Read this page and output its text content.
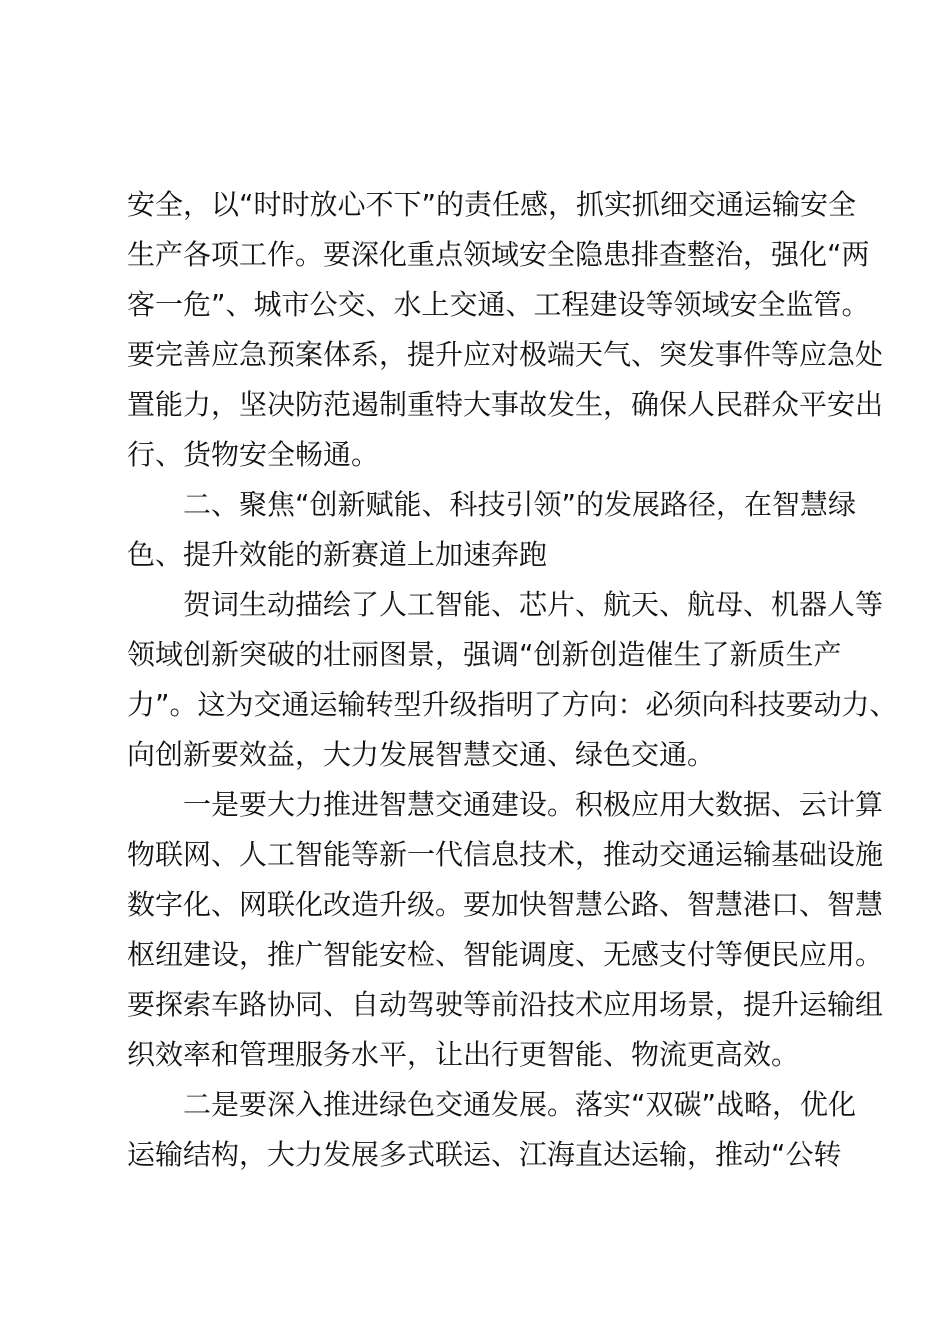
安全，以“时时放心不下”的责任感，抓实抓细交通运输安全
生产各项工作。要深化重点领域安全隐患排查整治，强化“两
客一危”、城市公交、水上交通、工程建设等领域安全监管。
要完善应急预案体系，提升应对极端天气、突发事件等应急处
置能力，坚决防范遏制重特大事故发生，确保人民群众平安出
行、货物安全畅通。
二、聚焦“创新赋能、科技引领”的发展路径，在智慧绿
色、提升效能的新赛道上加速奔跑
贺词生动描绘了人工智能、芯片、航天、航母、机器人等
领域创新突破的壮丽图景，强调“创新创造催生了新质生产
力”。这为交通运输转型升级指明了方向：必须向科技要动力、
向创新要效益，大力发展智慧交通、绿色交通。
一是要大力推进智慧交通建设。积极应用大数据、云计算
物联网、人工智能等新一代信息技术，推动交通运输基础设施
数字化、网联化改造升级。要加快智慧公路、智慧港口、智慧
枢纽建设，推广智能安检、智能调度、无感支付等便民应用。
要探索车路协同、自动驾驶等前沿技术应用场景，提升运输组
织效率和管理服务水平，让出行更智能、物流更高效。
二是要深入推进绿色交通发展。落实“双碳”战略，优化
运输结构，大力发展多式联运、江海直达运输，推动“公转
